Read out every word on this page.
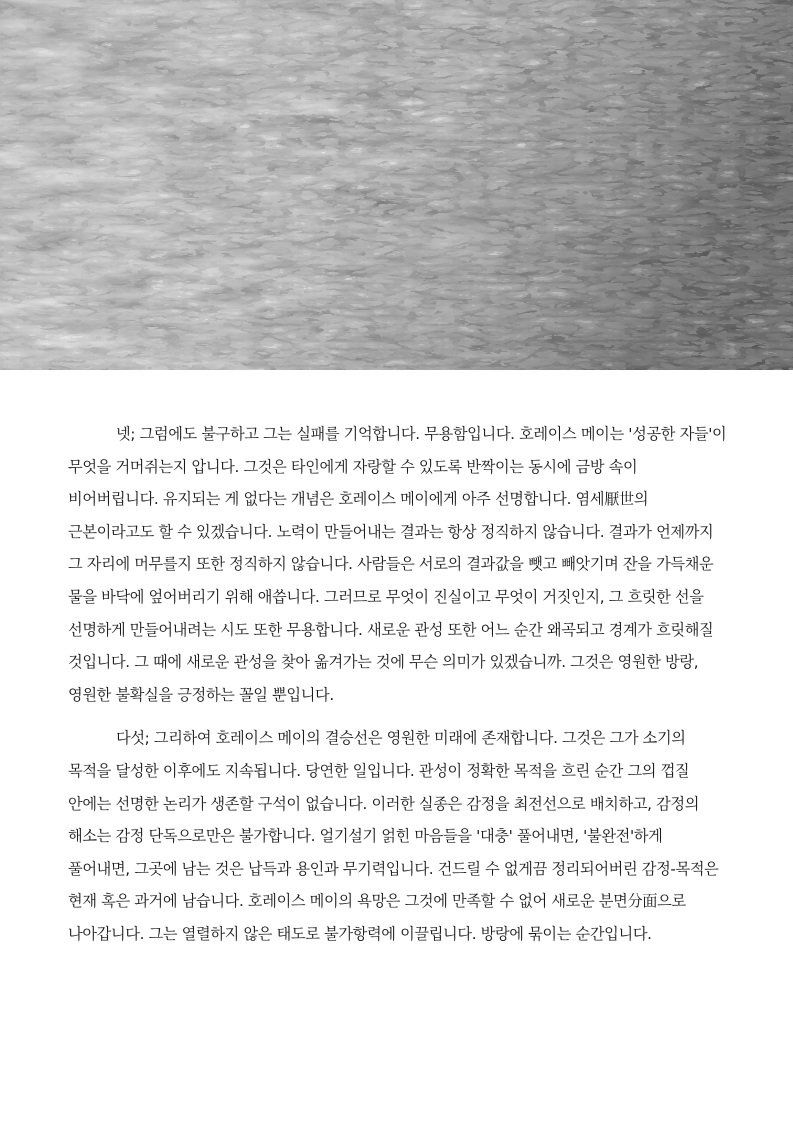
넷; 그럼에도 불구하고 그는 실패를 기억합니다. 무용함입니다. 호레이스 메이는 '성공한 자들'이 무엇을 거머쥐는지 압니다. 그것은 타인에게 자랑할 수 있도록 반짝이는 동시에 금방 속이 비어버립니다. 유지되는 게 없다는 개념은 호레이스 메이에게 아주 선명합니다. 염세厭世의 근본이라고도 할 수 있겠습니다. 노력이 만들어내는 결과는 항상 정직하지 않습니다. 결과가 언제까지 그 자리에 머무를지 또한 정직하지 않습니다. 사람들은 서로의 결과값을 뺏고 빼앗기며 잔을 가득채운 물을 바닥에 엎어버리기 위해 애씁니다. 그러므로 무엇이 진실이고 무엇이 거짓인지, 그 흐릿한 선을 선명하게 만들어내려는 시도 또한 무용합니다. 새로운 관성 또한 어느 순간 왜곡되고 경계가 흐릿해질 것입니다. 그 때에 새로운 관성을 찾아 옮겨가는 것에 무슨 의미가 있겠습니까. 그것은 영원한 방랑, 영원한 불확실을 긍정하는 꼴일 뿐입니다.

다섯; 그리하여 호레이스 메이의 결승선은 영원한 미래에 존재합니다. 그것은 그가 소기의 목적을 달성한 이후에도 지속됩니다. 당연한 일입니다. 관성이 정확한 목적을 흐린 순간 그의 껍질 안에는 선명한 논리가 생존할 구석이 없습니다. 이러한 실종은 감정을 최전선으로 배치하고, 감정의 해소는 감정 단독으로만은 불가합니다. 얼기설기 얽힌 마음들을 '대충' 풀어내면, '불완전'하게 풀어내면, 그곳에 남는 것은 납득과 용인과 무기력입니다. 건드릴 수 없게끔 정리되어버린 감정-목적은 현재 혹은 과거에 남습니다. 호레이스 메이의 욕망은 그것에 만족할 수 없어 새로운 분면分面으로 나아갑니다. 그는 열렬하지 않은 태도로 불가항력에 이끌립니다. 방랑에 묶이는 순간입니다.
